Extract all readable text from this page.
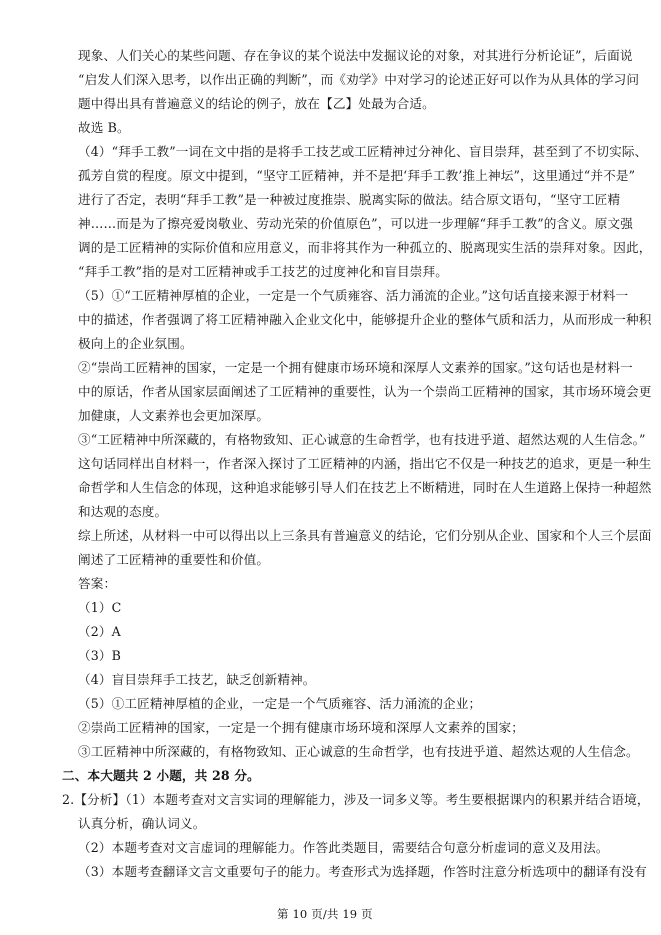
现象、人们关心的某些问题、存在争议的某个说法中发掘议论的对象，对其进行分析论证”，后面说
“启发人们深入思考，以作出正确的判断”，而《劝学》中对学习的论述正好可以作为从具体的学习问
题中得出具有普遍意义的结论的例子，放在【乙】处最为合适。
故选 B。
（4）“拜手工教”一词在文中指的是将手工技艺或工匠精神过分神化、盲目崇拜，甚至到了不切实际、
孤芳自赏的程度。原文中提到，“坚守工匠精神，并不是把‘拜手工教’推上神坛”，这里通过“并不是”
进行了否定，表明“拜手工教”是一种被过度推崇、脱离实际的做法。结合原文语句，“坚守工匠精
神……而是为了擦亮爱岗敬业、劳动光荣的价值原色”，可以进一步理解“拜手工教”的含义。原文强
调的是工匠精神的实际价值和应用意义，而非将其作为一种孤立的、脱离现实生活的崇拜对象。因此，
“拜手工教”指的是对工匠精神或手工技艺的过度神化和盲目崇拜。
（5）①“工匠精神厚植的企业，一定是一个气质雍容、活力涌流的企业。”这句话直接来源于材料一
中的描述，作者强调了将工匠精神融入企业文化中，能够提升企业的整体气质和活力，从而形成一种积
极向上的企业氛围。
②“崇尚工匠精神的国家，一定是一个拥有健康市场环境和深厚人文素养的国家。”这句话也是材料一
中的原话，作者从国家层面阐述了工匠精神的重要性，认为一个崇尚工匠精神的国家，其市场环境会更
加健康，人文素养也会更加深厚。
③“工匠精神中所深藏的，有格物致知、正心诚意的生命哲学，也有技进乎道、超然达观的人生信念。”
这句话同样出自材料一，作者深入探讨了工匠精神的内涵，指出它不仅是一种技艺的追求，更是一种生
命哲学和人生信念的体现，这种追求能够引导人们在技艺上不断精进，同时在人生道路上保持一种超然
和达观的态度。
综上所述，从材料一中可以得出以上三条具有普遍意义的结论，它们分别从企业、国家和个人三个层面
阐述了工匠精神的重要性和价值。
答案：
（1）C
（2）A
（3）B
（4）盲目崇拜手工技艺，缺乏创新精神。
（5）①工匠精神厚植的企业，一定是一个气质雍容、活力涌流的企业；
②崇尚工匠精神的国家，一定是一个拥有健康市场环境和深厚人文素养的国家；
③工匠精神中所深藏的，有格物致知、正心诚意的生命哲学，也有技进乎道、超然达观的人生信念。
二、本大题共 2 小题，共 28 分。
2.【分析】（1）本题考查对文言实词的理解能力，涉及一词多义等。考生要根据课内的积累并结合语境，
认真分析，确认词义。
（2）本题考查对文言虚词的理解能力。作答此类题目，需要结合句意分析虚词的意义及用法。
（3）本题考查翻译文言文重要句子的能力。考查形式为选择题，作答时注意分析选项中的翻译有没有
第 10 页/共 19 页
